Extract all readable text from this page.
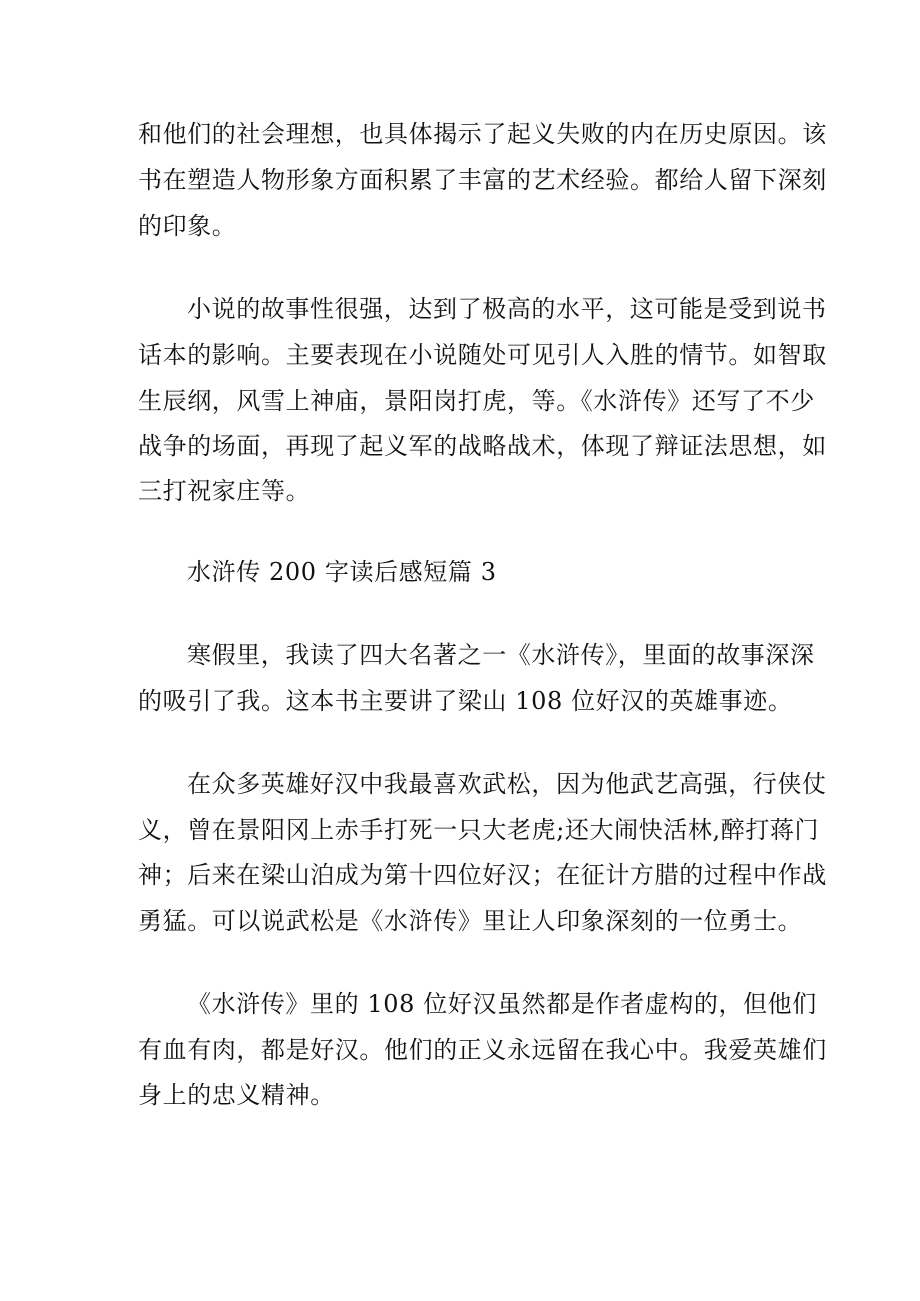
和他们的社会理想，也具体揭示了起义失败的内在历史原因。该
书在塑造人物形象方面积累了丰富的艺术经验。都给人留下深刻
的印象。
小说的故事性很强，达到了极高的水平，这可能是受到说书
话本的影响。主要表现在小说随处可见引人入胜的情节。如智取
生辰纲，风雪上神庙，景阳岗打虎，等。《水浒传》还写了不少
战争的场面，再现了起义军的战略战术，体现了辩证法思想，如
三打祝家庄等。
水浒传 200 字读后感短篇 3
寒假里，我读了四大名著之一《水浒传》，里面的故事深深
的吸引了我。这本书主要讲了梁山 108 位好汉的英雄事迹。
在众多英雄好汉中我最喜欢武松，因为他武艺高强，行侠仗
义，曾在景阳冈上赤手打死一只大老虎;还大闹快活林,醉打蒋门
神；后来在梁山泊成为第十四位好汉；在征计方腊的过程中作战
勇猛。可以说武松是《水浒传》里让人印象深刻的一位勇士。
《水浒传》里的 108 位好汉虽然都是作者虚构的，但他们
有血有肉，都是好汉。他们的正义永远留在我心中。我爱英雄们
身上的忠义精神。
